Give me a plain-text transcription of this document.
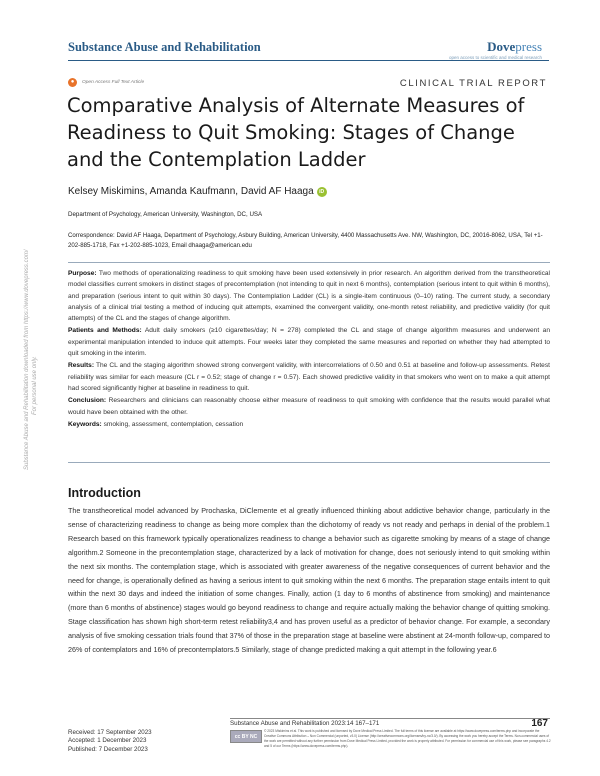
Substance Abuse and Rehabilitation	Dovepress
open access to scientific and medical research
●	Open Access Full Text Article	CLINICAL TRIAL REPORT
Comparative Analysis of Alternate Measures of Readiness to Quit Smoking: Stages of Change and the Contemplation Ladder
Kelsey Miskimins, Amanda Kaufmann, David AF Haaga	iD
Department of Psychology, American University, Washington, DC, USA
Correspondence: David AF Haaga, Department of Psychology, Asbury Building, American University, 4400 Massachusetts Ave. NW, Washington, DC, 20016-8062, USA, Tel +1-202-885-1718, Fax +1-202-885-1023, Email dhaaga@american.edu

Purpose: Two methods of operationalizing readiness to quit smoking have been used extensively in prior research. An algorithm derived from the transtheoretical model classifies current smokers in distinct stages of precontemplation (not intending to quit in next 6 months), contemplation (serious intent to quit within 6 months), and preparation (serious intent to quit within 30 days). The Contemplation Ladder (CL) is a single-item continuous (0–10) rating. The current study, a secondary analysis of a clinical trial testing a method of inducing quit attempts, examined the convergent validity, one-month retest reliability, and predictive validity (for quit attempts) of the CL and the stages of change algorithm.

Patients and Methods: Adult daily smokers (≥10 cigarettes/day; N = 278) completed the CL and stage of change algorithm measures and underwent an experimental manipulation intended to induce quit attempts. Four weeks later they completed the same measures and reported on whether they had attempted to quit smoking in the interim.

Results: The CL and the staging algorithm showed strong convergent validity, with intercorrelations of 0.50 and 0.51 at baseline and follow-up assessments. Retest reliability was similar for each measure (CL r = 0.52; stage of change r = 0.57). Each showed predictive validity in that smokers who went on to make a quit attempt had scored significantly higher at baseline in readiness to quit.

Conclusion: Researchers and clinicians can reasonably choose either measure of readiness to quit smoking with confidence that the results would parallel what would have been obtained with the other.

Keywords: smoking, assessment, contemplation, cessation

Introduction

The transtheoretical model advanced by Prochaska, DiClemente et al greatly influenced thinking about addictive behavior change, particularly in the sense of characterizing readiness to change as being more complex than the dichotomy of ready vs not ready and perhaps in denial of the problem.1 Research based on this framework typically operationalizes readiness to change a behavior such as cigarette smoking by means of a stage of change algorithm.2 Someone in the precontemplation stage, characterized by a lack of motivation for change, does not seriously intend to quit smoking within the next six months. The contemplation stage, which is associated with greater awareness of the negative consequences of current behavior and the need for change, is operationally defined as having a serious intent to quit smoking within the next 6 months. The preparation stage entails intent to quit within the next 30 days and indeed the initiation of some changes. Finally, action (1 day to 6 months of abstinence from smoking) and maintenance (more than 6 months of abstinence) stages would go beyond readiness to change and require actually making the behavior change of quitting smoking. Stage classification has shown high short-term retest reliability3,4 and has proven useful as a predictor of behavior change. For example, a secondary analysis of five smoking cessation trials found that 37% of those in the preparation stage at baseline were abstinent at 24-month follow-up, compared to 26% of contemplators and 16% of precontemplators.5 Similarly, stage of change predicted making a quit attempt in the following year.6

Substance Abuse and Rehabilitation downloaded from https://www.dovepress.com/ For personal use only.
Substance Abuse and Rehabilitation 2023:14 167–171	167
Received: 17 September 2023
Accepted: 1 December 2023
Published: 7 December 2023
cc BY NC
© 2023 Miskimins et al. This work is published and licensed by Dove Medical Press Limited. The full terms of this license are available at https://www.dovepress.com/terms.php and incorporate the Creative Commons Attribution – Non Commercial (unported, v3.0) License (http://creativecommons.org/licenses/by-nc/3.0/). By accessing the work you hereby accept the Terms. Non-commercial uses of the work are permitted without any further permission from Dove Medical Press Limited, provided the work is properly attributed. For permission for commercial use of this work, please see paragraphs 4.2 and 5 of our Terms (https://www.dovepress.com/terms.php).
